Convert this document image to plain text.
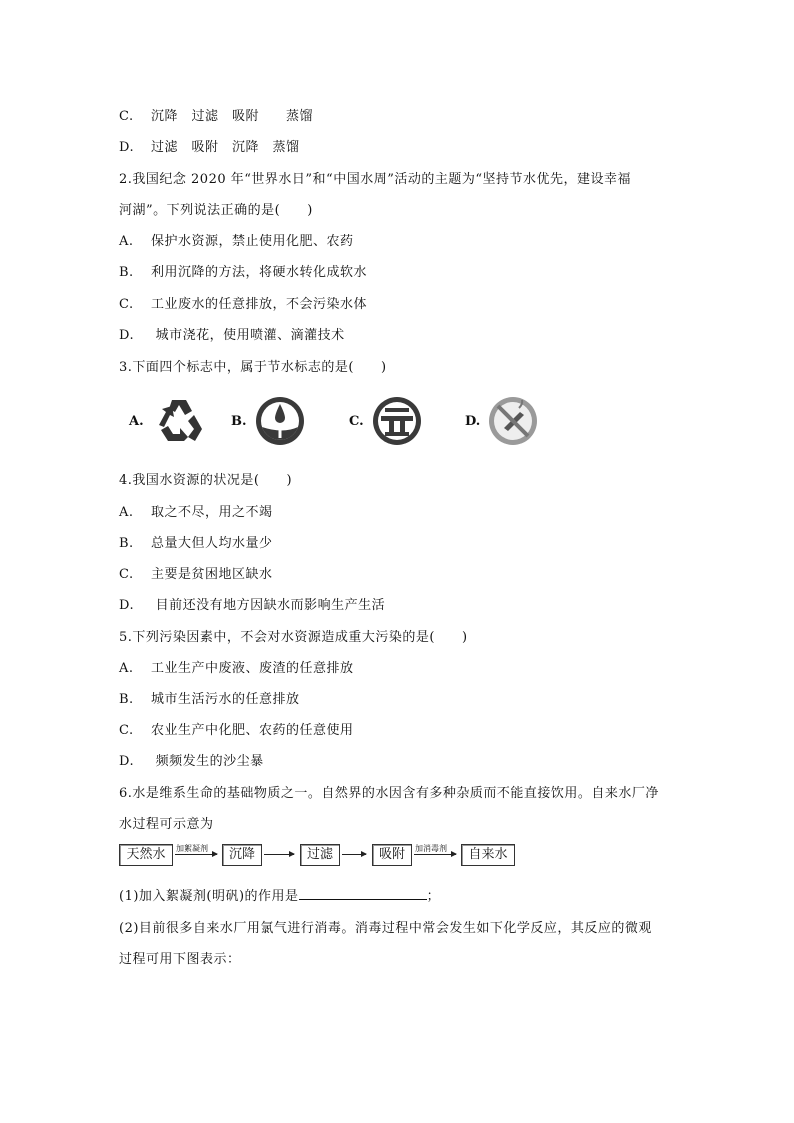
C. 沉降　过滤　吸附　　蒸馏
D. 过滤　吸附　沉降　蒸馏
2.我国纪念 2020 年“世界水日”和“中国水周”活动的主题为“坚持节水优先，建设幸福
河湖”。下列说法正确的是(　　)
A. 保护水资源，禁止使用化肥、农药
B. 利用沉降的方法，将硬水转化成软水
C. 工业废水的任意排放，不会污染水体
D. 城市浇花，使用喷灌、滴灌技术
3.下面四个标志中，属于节水标志的是(　　)
A.	B.	C.	D.
4.我国水资源的状况是(　　)
A. 取之不尽，用之不竭
B. 总量大但人均水量少
C. 主要是贫困地区缺水
D. 目前还没有地方因缺水而影响生产生活
5.下列污染因素中，不会对水资源造成重大污染的是(　　)
A. 工业生产中废液、废渣的任意排放
B. 城市生活污水的任意排放
C. 农业生产中化肥、农药的任意使用
D. 频频发生的沙尘暴
6.水是维系生命的基础物质之一。自然界的水因含有多种杂质而不能直接饮用。自来水厂净
水过程可示意为
天然水	加絮凝剂	沉降	过滤	吸附	加消毒剂	自来水
(1)加入絮凝剂(明矾)的作用是	；
(2)目前很多自来水厂用氯气进行消毒。消毒过程中常会发生如下化学反应，其反应的微观
过程可用下图表示：
